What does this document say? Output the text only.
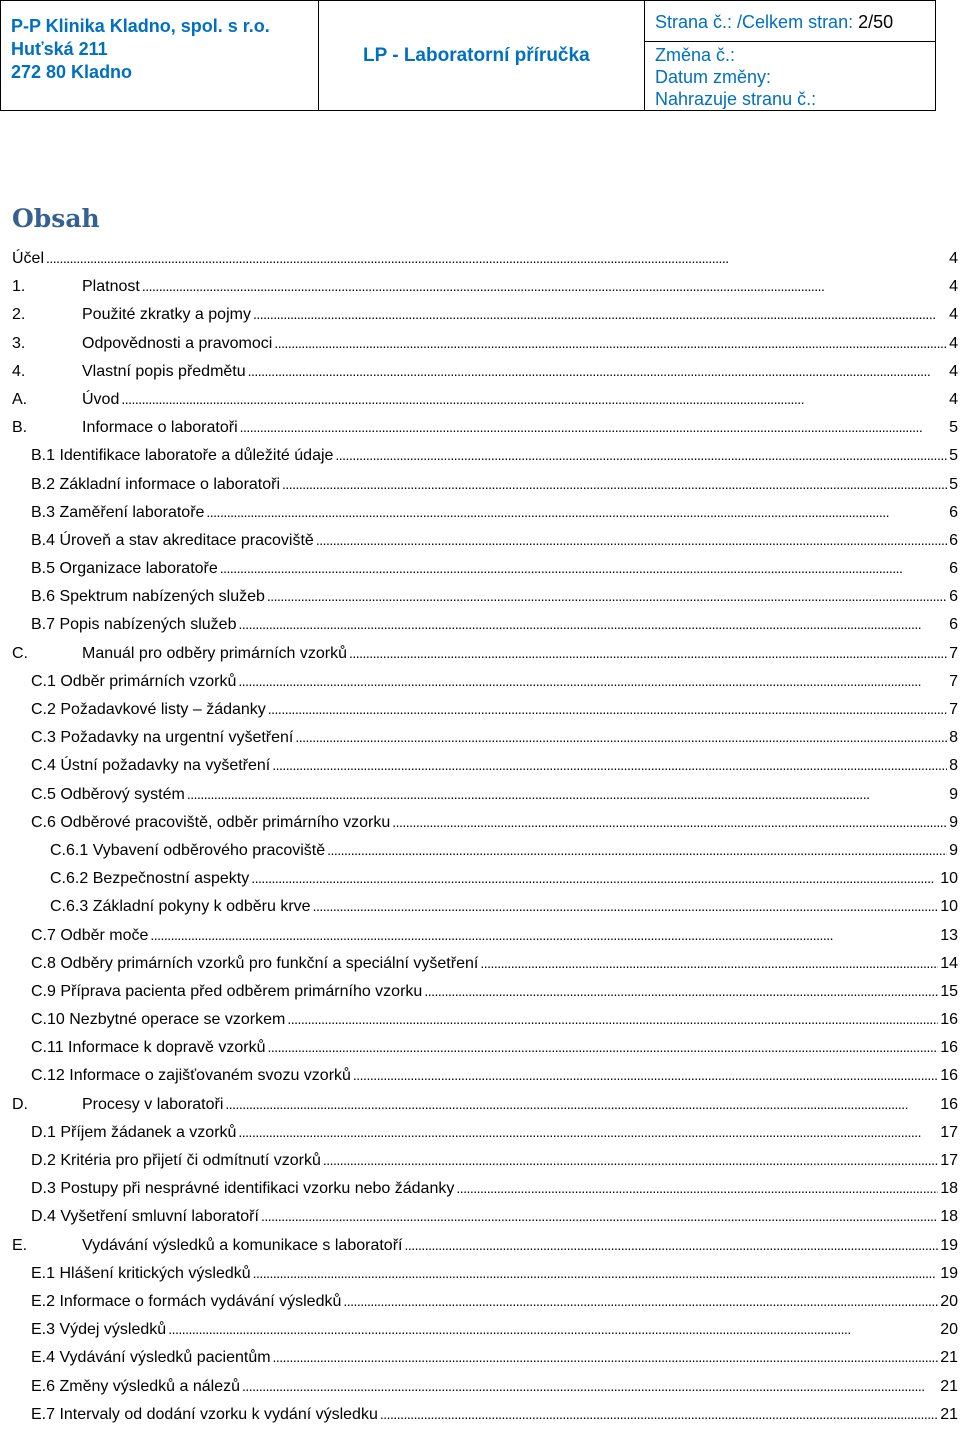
P-P Klinika Kladno, spol. s r.o.
Huťská 211
272 80 Kladno
LP - Laboratorní příručka
Strana č.: /Celkem stran: 2/50
Změna č.:
Datum změny:
Nahrazuje stranu č.:
Obsah
Účel . . .	4
1.	Platnost . . .	4
2.	Použité zkratky a pojmy . . .	4
3.	Odpovědnosti a pravomoci . . .	4
4.	Vlastní popis předmětu . . .	4
A.	Úvod . . .	4
B.	Informace o laboratoři . . .	5
B.1 Identifikace laboratoře a důležité údaje . . .	5
B.2 Základní informace o laboratoři . . .	5
B.3 Zaměření laboratoře . . .	6
B.4 Úroveň a stav akreditace pracoviště . . .	6
B.5 Organizace laboratoře . . .	6
B.6 Spektrum nabízených služeb . . .	6
B.7 Popis nabízených služeb . . .	6
C.	Manuál pro odběry primárních vzorků . . .	7
C.1 Odběr primárních vzorků . . .	7
C.2 Požadavkové listy – žádanky . . .	7
C.3 Požadavky na urgentní vyšetření . . .	8
C.4 Ústní požadavky na vyšetření . . .	8
C.5 Odběrový systém . . .	9
C.6 Odběrové pracoviště, odběr primárního vzorku . . .	9
C.6.1 Vybavení odběrového pracoviště . . .	9
C.6.2 Bezpečnostní aspekty . . .	10
C.6.3 Základní pokyny k odběru krve . . .	10
C.7 Odběr moče . . .	13
C.8 Odběry primárních vzorků pro funkční a speciální vyšetření . . .	14
C.9 Příprava pacienta před odběrem primárního vzorku . . .	15
C.10 Nezbytné operace se vzorkem . . .	16
C.11 Informace k dopravě vzorků . . .	16
C.12 Informace o zajišťovaném svozu vzorků . . .	16
D.	Procesy v laboratoři . . .	16
D.1 Příjem žádanek a vzorků . . .	17
D.2 Kritéria pro přijetí či odmítnutí vzorků . . .	17
D.3 Postupy při nesprávné identifikaci vzorku nebo žádanky . . .	18
D.4 Vyšetření smluvní laboratoří . . .	18
E.	Vydávání výsledků a komunikace s laboratoří . . .	19
E.1 Hlášení kritických výsledků . . .	19
E.2 Informace o formách vydávání výsledků . . .	20
E.3 Výdej výsledků . . .	20
E.4 Vydávání výsledků pacientům . . .	21
E.6 Změny výsledků a nálezů . . .	21
E.7 Intervaly od dodání vzorku k vydání výsledku . . .	21
